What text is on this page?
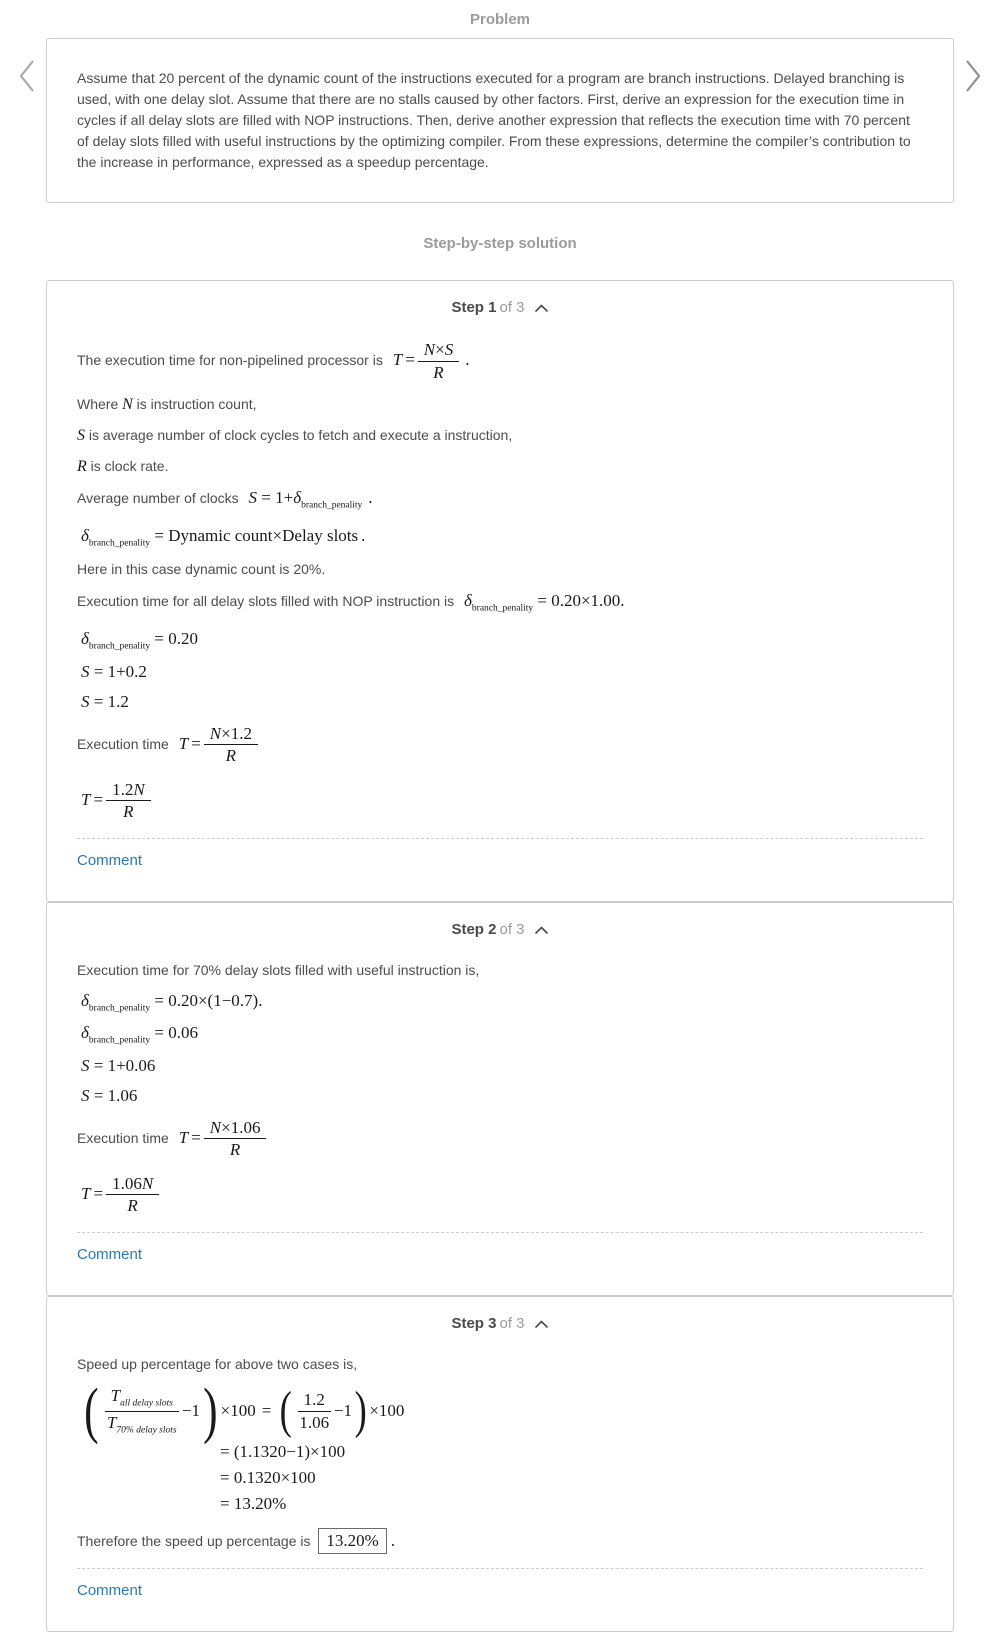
Problem

Assume that 20 percent of the dynamic count of the instructions executed for a program are branch instructions. Delayed branching is used, with one delay slot. Assume that there are no stalls caused by other factors. First, derive an expression for the execution time in cycles if all delay slots are filled with NOP instructions. Then, derive another expression that reflects the execution time with 70 percent of delay slots filled with useful instructions by the optimizing compiler. From these expressions, determine the compiler’s contribution to the increase in performance, expressed as a speedup percentage.

Step-by-step solution
Step 1 of 3
The execution time for non-pipelined processor is $T = \frac{N\times S}{R}$ .

Where N is instruction count,

S is average number of clock cycles to fetch and execute a instruction,

R is clock rate.

Average number of clocks $S = 1+\delta_{branch\_penality}$ .

$\delta_{branch\_penality}$ = Dynamic count×Delay slots .

Here in this case dynamic count is 20%.

Execution time for all delay slots filled with NOP instruction is $\delta_{branch\_penality} = 0.20\times 1.00$.

$\delta_{branch\_penality} = 0.20$

S = 1+0.2

S = 1.2

Execution time $T = \frac{N\times 1.2}{R}$
$T = \frac{1.2N}{R}$
Comment
Step 2 of 3

Execution time for 70% delay slots filled with useful instruction is,

$\delta_{branch\_penality} = 0.20\times(1-0.7)$.

$\delta_{branch\_penality} = 0.06$

S = 1+0.06

S = 1.06

Execution time $T = \frac{N\times 1.06}{R}$
$T = \frac{1.06N}{R}$
Comment
Step 3 of 3

Speed up percentage for above two cases is,

( $\frac{T_{all delay slots}}{T_{70\% delay slots}} -1$ ) ×100 = ( $\frac{1.2}{1.06} -1$ ) ×100

= (1.1320−1)×100

= 0.1320×100

= 13.20%

Therefore the speed up percentage is 13.20% .

Comment
